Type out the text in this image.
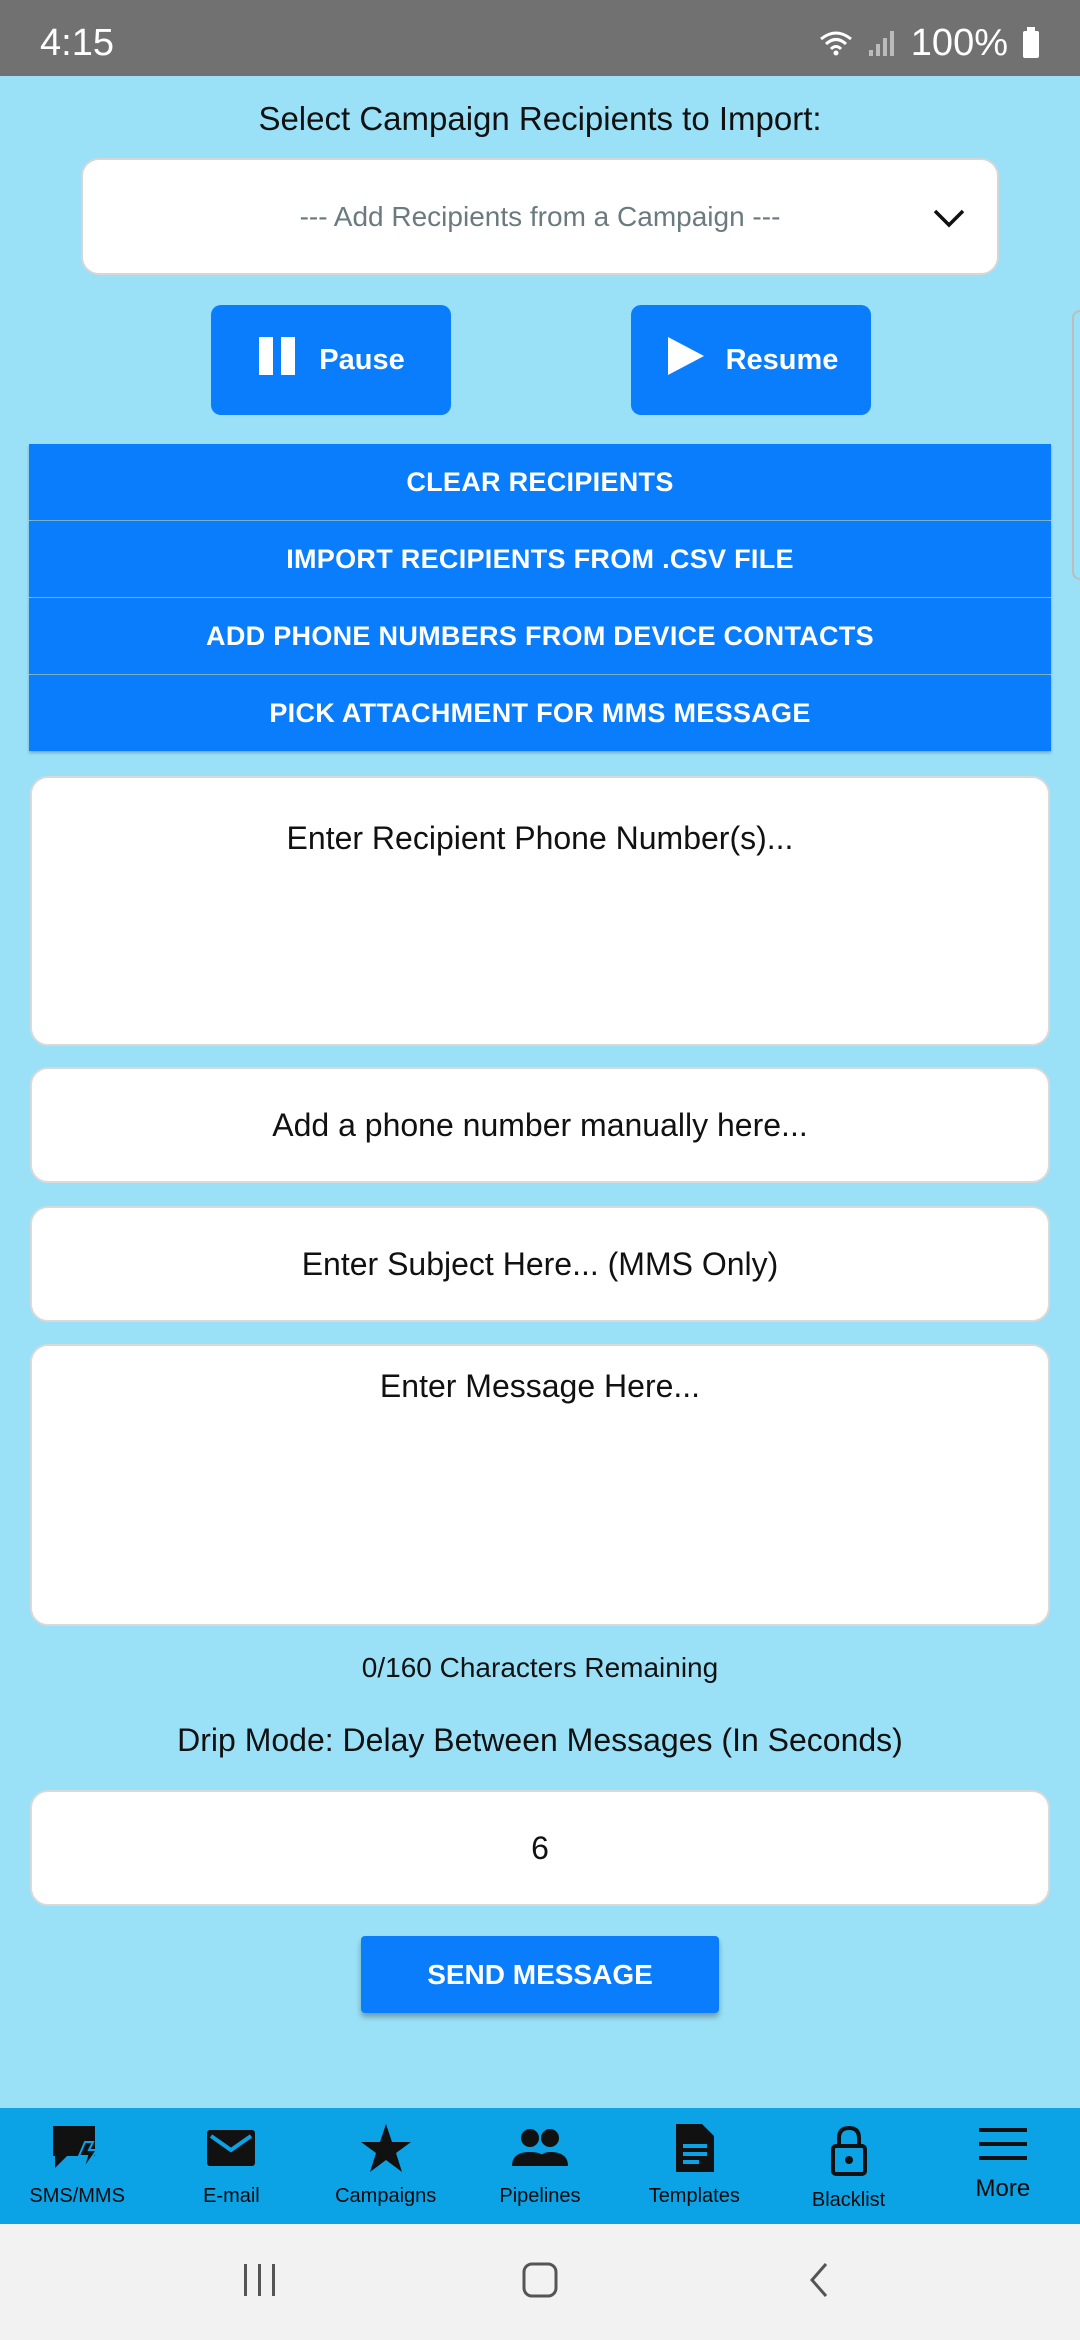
4:15	100%
Select Campaign Recipients to Import:
--- Add Recipients from a Campaign ---
Pause	Resume
CLEAR RECIPIENTS
IMPORT RECIPIENTS FROM .CSV FILE
ADD PHONE NUMBERS FROM DEVICE CONTACTS
PICK ATTACHMENT FOR MMS MESSAGE
Enter Recipient Phone Number(s)...
Add a phone number manually here...
Enter Subject Here... (MMS Only)
Enter Message Here...
0/160 Characters Remaining
Drip Mode: Delay Between Messages (In Seconds)
6
SEND MESSAGE
SMS/MMS	E-mail	Campaigns	Pipelines	Templates	Blacklist	More
